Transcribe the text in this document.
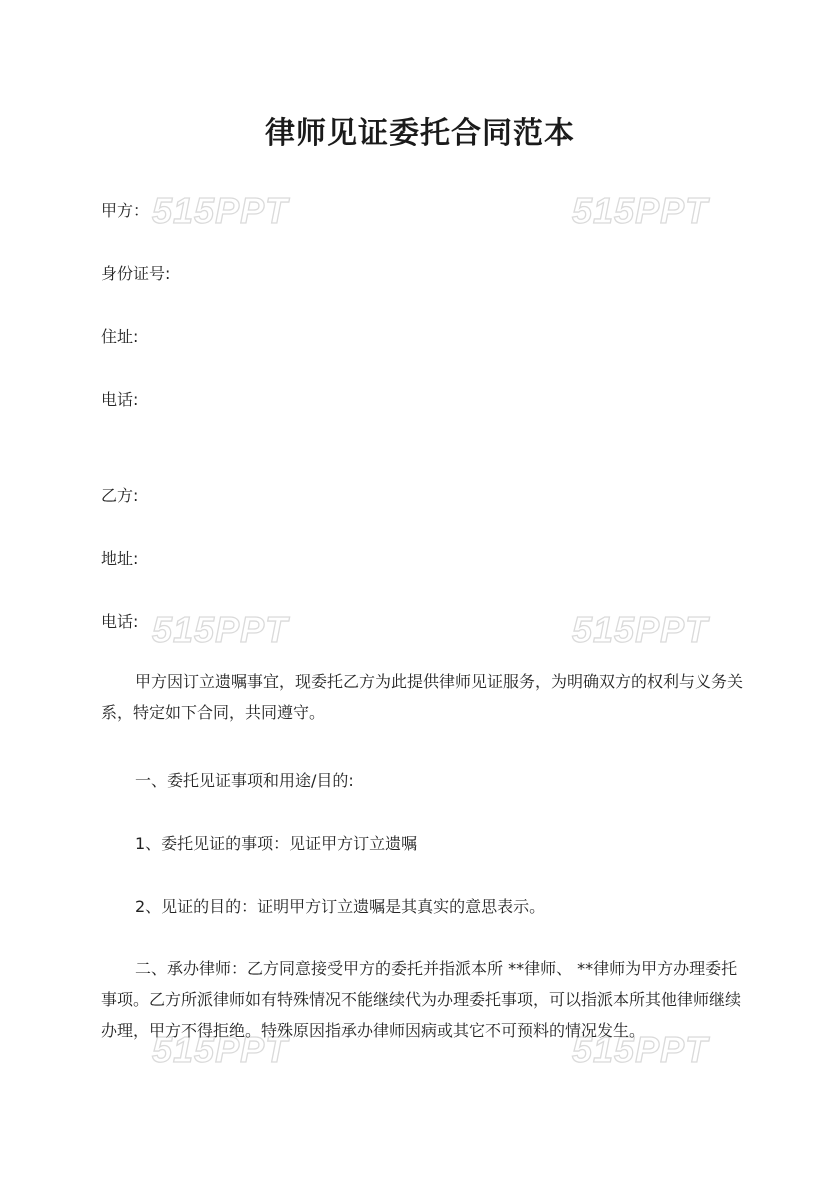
515PPT	515PPT
515PPT	515PPT
515PPT	515PPT
律师见证委托合同范本
甲方：
身份证号:
住址:
电话:
乙方:
地址:
电话:
甲方因订立遗嘱事宜，现委托乙方为此提供律师见证服务，为明确双方的权利与义务关系，特定如下合同，共同遵守。
一、委托见证事项和用途/目的:
1、委托见证的事项：见证甲方订立遗嘱
2、见证的目的：证明甲方订立遗嘱是其真实的意思表示。
二、承办律师：乙方同意接受甲方的委托并指派本所 **律师、 **律师为甲方办理委托事项。乙方所派律师如有特殊情况不能继续代为办理委托事项，可以指派本所其他律师继续办理，甲方不得拒绝。特殊原因指承办律师因病或其它不可预料的情况发生。
